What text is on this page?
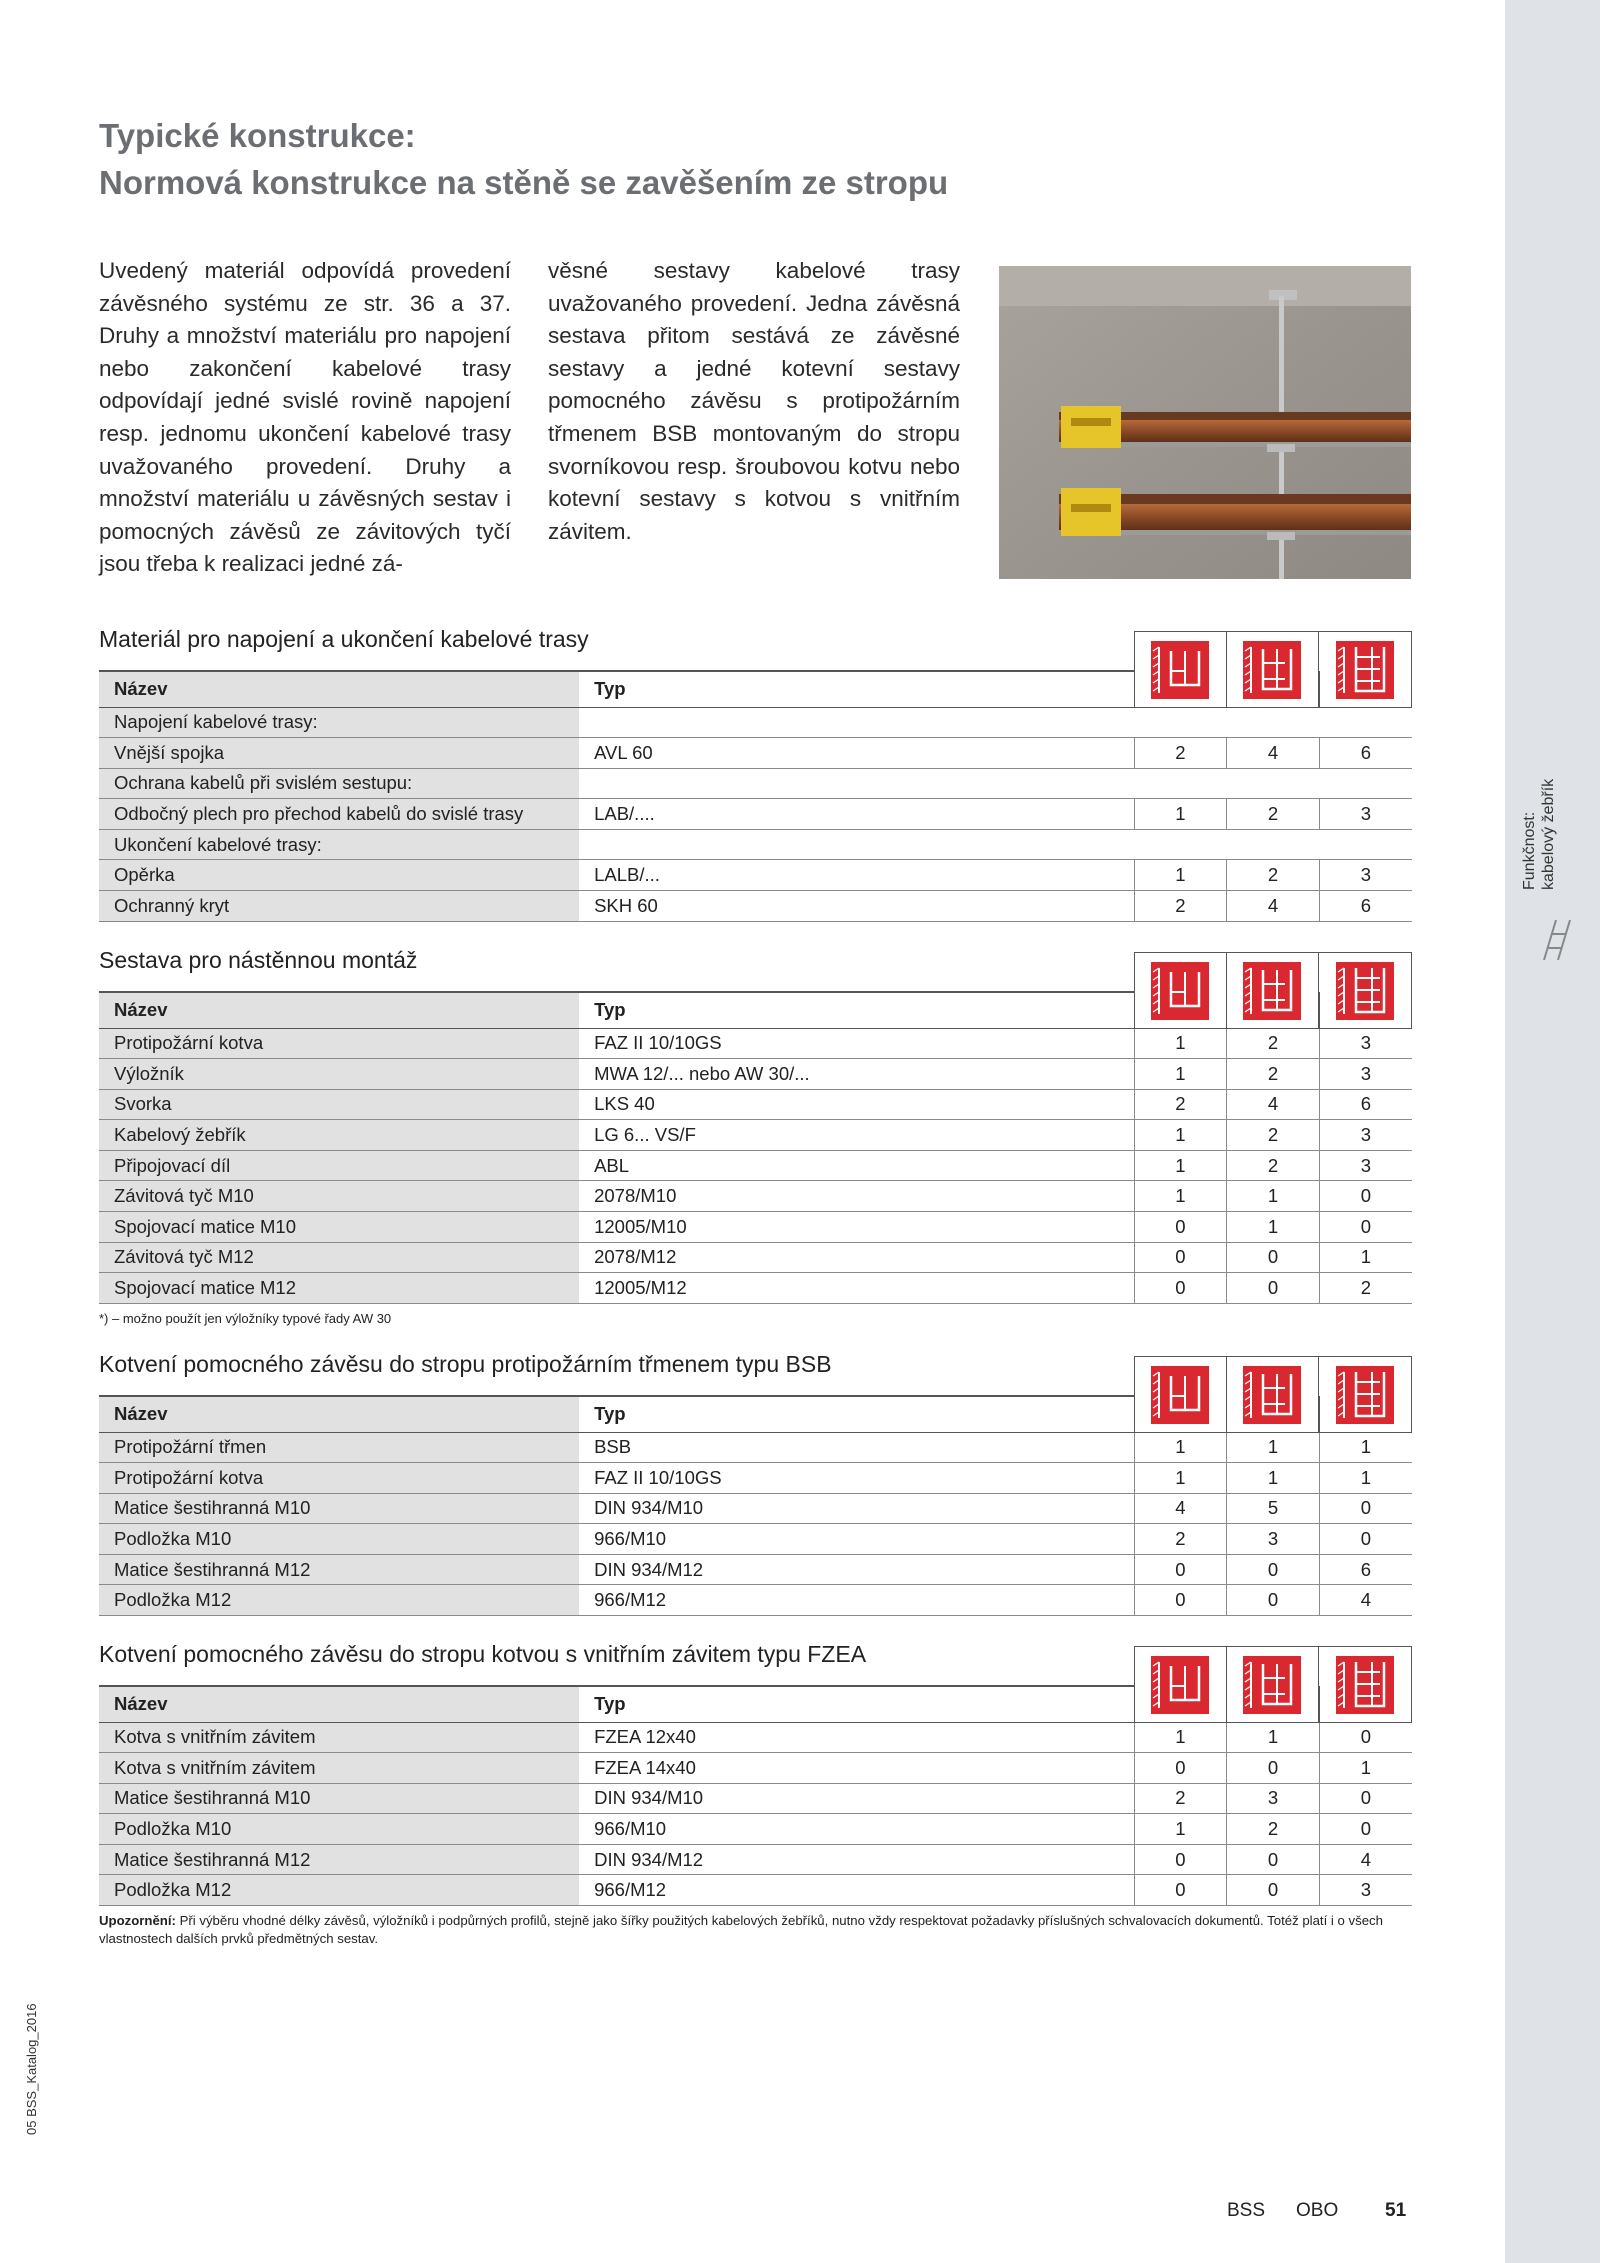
Funkčnost: kabelový žebřík
05 BSS_Katalog_2016
Typické konstrukce:
Normová konstrukce na stěně se zavěšením ze stropu
Uvedený materiál odpovídá provedení závěsného systému ze str. 36 a 37. Druhy a množství materiálu pro napojení nebo zakončení kabelové trasy odpovídají jedné svislé rovině napojení resp. jednomu ukončení kabelové trasy uvažovaného provedení. Druhy a množství materiálu u závěsných sestav i pomocných závěsů ze závitových tyčí jsou třeba k realizaci jedné zá-
věsné sestavy kabelové trasy uvažovaného provedení. Jedna závěsná sestava přitom sestává ze závěsné sestavy a jedné kotevní sestavy pomocného závěsu s protipožárním třmenem BSB montovaným do stropu svorníkovou resp. šroubovou kotvu nebo kotevní sestavy s kotvou s vnitřním závitem.
Materiál pro napojení a ukončení kabelové trasy
Název	Typ			
Napojení kabelové trasy:				
Vnější spojka	AVL 60	2	4	6
Ochrana kabelů při svislém sestupu:				
Odbočný plech pro přechod kabelů do svislé trasy	LAB/....	1	2	3
Ukončení kabelové trasy:				
Opěrka	LALB/...	1	2	3
Ochranný kryt	SKH 60	2	4	6
Sestava pro nástěnnou montáž
Název	Typ			
Protipožární kotva	FAZ II 10/10GS	1	2	3
Výložník	MWA 12/... nebo AW 30/...	1	2	3
Svorka	LKS 40	2	4	6
Kabelový žebřík	LG 6... VS/F	1	2	3
Připojovací díl	ABL	1	2	3
Závitová tyč M10	2078/M10	1	1	0
Spojovací matice M10	12005/M10	0	1	0
Závitová tyč M12	2078/M12	0	0	1
Spojovací matice M12	12005/M12	0	0	2
*) – možno použít jen výložníky typové řady AW 30
Kotvení pomocného závěsu do stropu protipožárním třmenem typu BSB
Název	Typ			
Protipožární třmen	BSB	1	1	1
Protipožární kotva	FAZ II 10/10GS	1	1	1
Matice šestihranná M10	DIN 934/M10	4	5	0
Podložka M10	966/M10	2	3	0
Matice šestihranná M12	DIN 934/M12	0	0	6
Podložka M12	966/M12	0	0	4
Kotvení pomocného závěsu do stropu kotvou s vnitřním závitem typu FZEA
Název	Typ			
Kotva s vnitřním závitem	FZEA 12x40	1	1	0
Kotva s vnitřním závitem	FZEA 14x40	0	0	1
Matice šestihranná M10	DIN 934/M10	2	3	0
Podložka M10	966/M10	1	2	0
Matice šestihranná M12	DIN 934/M12	0	0	4
Podložka M12	966/M12	0	0	3
Upozornění: Při výběru vhodné délky závěsů, výložníků i podpůrných profilů, stejně jako šířky použitých kabelových žebříků, nutno vždy respektovat požadavky příslušných schvalovacích dokumentů. Totéž platí i o všech vlastnostech dalších prvků předmětných sestav.
BSS OBO 51
